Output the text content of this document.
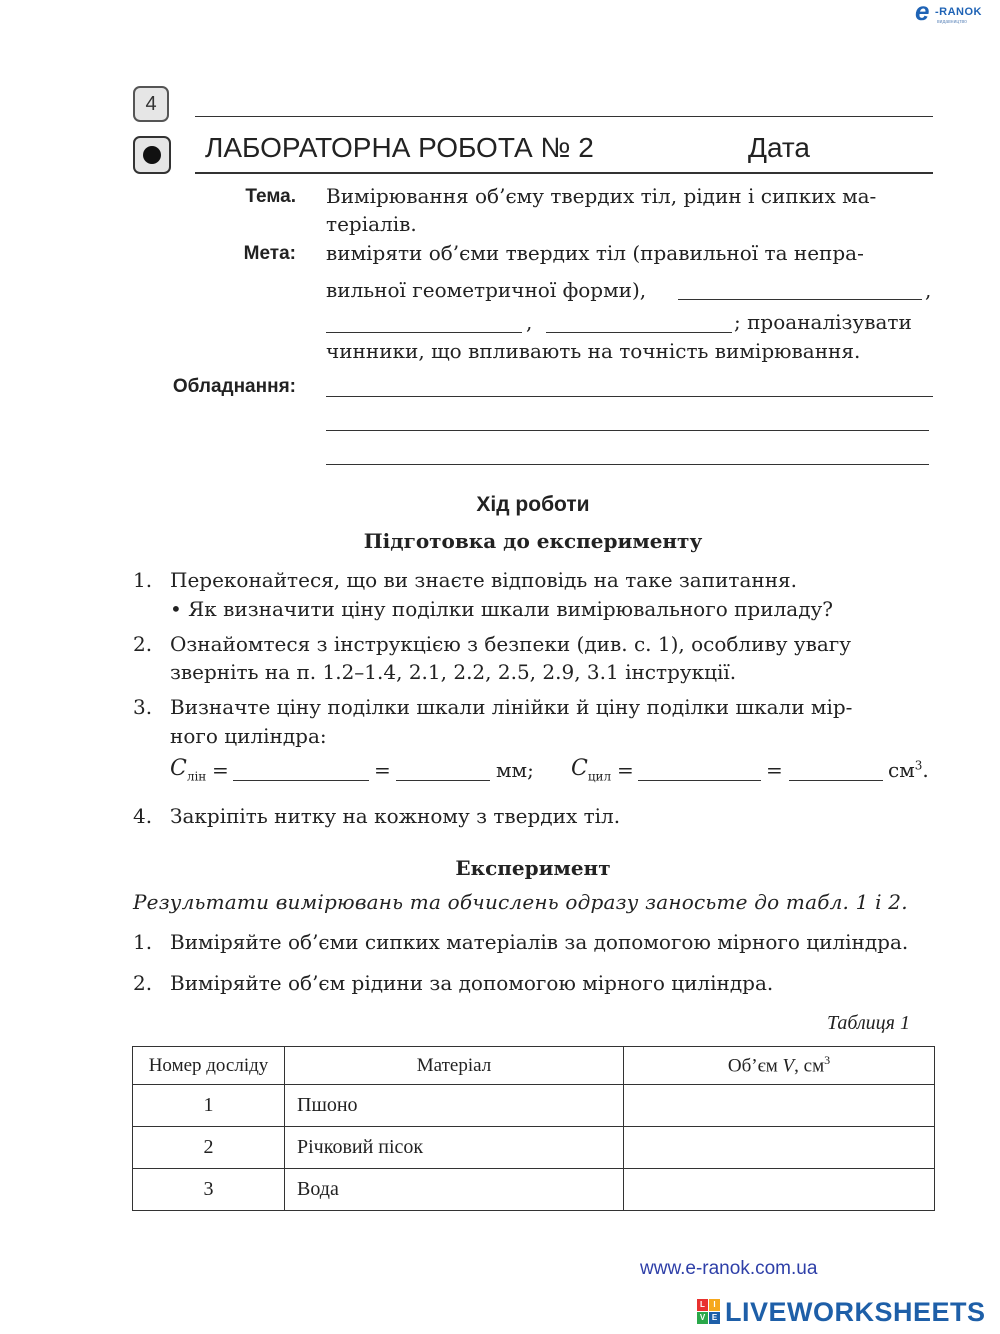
e -RANOK
видавництво
4
ЛАБОРАТОРНА РОБОТА № 2	Дата
Тема. Вимірювання об’єму твердих тіл, рідин і сипких ма-
теріалів.
Мета: виміряти об’єми твердих тіл (правильної та непра-
вильної геометричної форми),	,
,	; проаналізувати
чинники, що впливають на точність вимірювання.
Обладнання:
Хід роботи
Підготовка до експерименту
1. Переконайтеся, що ви знаєте відповідь на таке запитання.
• Як визначити ціну поділки шкали вимірювального приладу?
2. Ознайомтеся з інструкцією з безпеки (див. с. 1), особливу увагу
зверніть на п. 1.2–1.4, 2.1, 2.2, 2.5, 2.9, 3.1 інструкції.
3. Визначте ціну поділки шкали лінійки й ціну поділки шкали мір-
ного циліндра:
$C_{лін}$ =	=	мм; $C_{цил}$ =	=	$см^3$.
4. Закріпіть нитку на кожному з твердих тіл.
Експеримент
Результати вимірювань та обчислень одразу заносьте до табл. 1 і 2.
1. Виміряйте об’єми сипких матеріалів за допомогою мірного циліндра.
2. Виміряйте об’єм рідини за допомогою мірного циліндра.
Таблиця 1
Номер досліду	Матеріал	Об’єм V, $см^3$
1	Пшоно	
2	Річковий пісок	
3	Вода	
www.e-ranok.com.ua
L	I
V E LIVEWORKSHEETS
